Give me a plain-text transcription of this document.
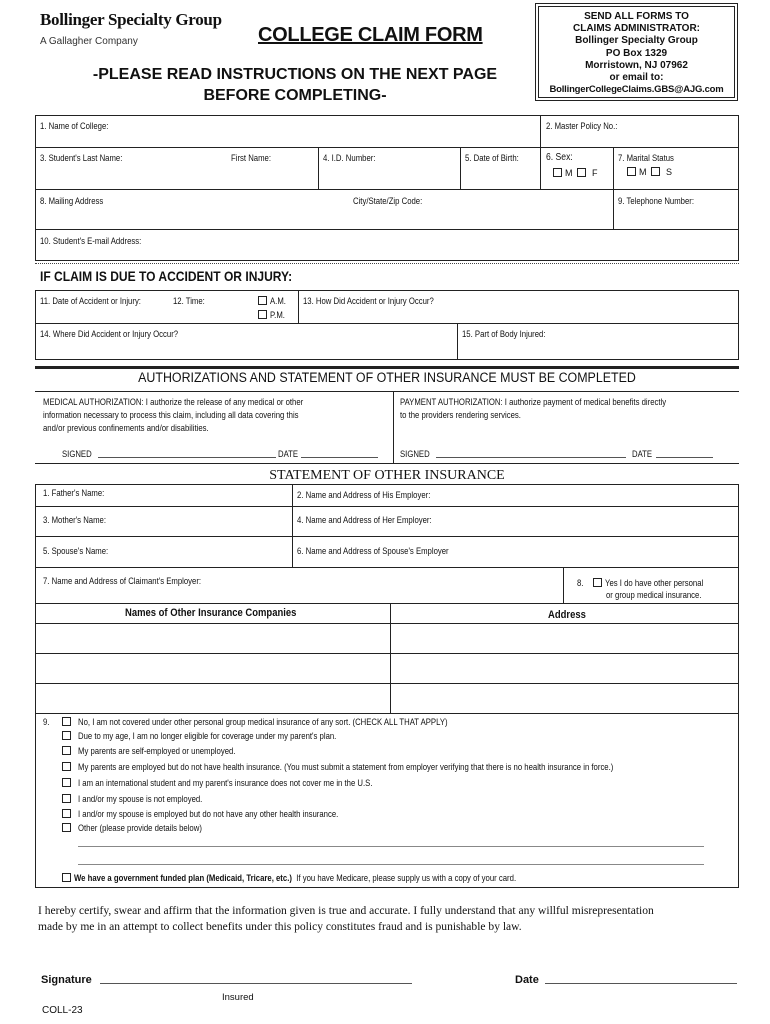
Bollinger Specialty Group
A Gallagher Company	COLLEGE CLAIM FORM
-PLEASE READ INSTRUCTIONS ON THE NEXT PAGE
BEFORE COMPLETING-
SEND ALL FORMS TO
CLAIMS ADMINISTRATOR:
Bollinger Specialty Group
PO Box 1329
Morristown, NJ 07962
or email to:
BollingerCollegeClaims.GBS@AJG.com
1. Name of College:	2. Master Policy No.:
3. Student's Last Name:	First Name:	4. I.D. Number:	5. Date of Birth:	6. Sex:
M F
7. Marital Status
M S
8. Mailing Address	City/State/Zip Code:	9. Telephone Number:
10. Student's E-mail Address:
IF CLAIM IS DUE TO ACCIDENT OR INJURY:
11. Date of Accident or Injury:	12. Time:	A.M.
P.M.
13. How Did Accident or Injury Occur?
14. Where Did Accident or Injury Occur?	15. Part of Body Injured:
AUTHORIZATIONS AND STATEMENT OF OTHER INSURANCE MUST BE COMPLETED
MEDICAL AUTHORIZATION: I authorize the release of any medical or other
information necessary to process this claim, including all data covering this
and/or previous confinements and/or disabilities.
PAYMENT AUTHORIZATION: I authorize payment of medical benefits directly
to the providers rendering services.
SIGNED	DATE	SIGNED	DATE
STATEMENT OF OTHER INSURANCE
1. Father's Name:	2. Name and Address of His Employer:
3. Mother's Name:	4. Name and Address of Her Employer:
5. Spouse's Name:	6. Name and Address of Spouse's Employer
7. Name and Address of Claimant's Employer:	8.	Yes I do have other personal
or group medical insurance.
Names of Other Insurance Companies	Address
9.	No, I am not covered under other personal group medical insurance of any sort. (CHECK ALL THAT APPLY)
Due to my age, I am no longer eligible for coverage under my parent's plan.
My parents are self-employed or unemployed.
My parents are employed but do not have health insurance. (You must submit a statement from employer verifying that there is no health insurance in force.)
I am an international student and my parent's insurance does not cover me in the U.S.
I and/or my spouse is not employed.
I and/or my spouse is employed but do not have any other health insurance.
Other (please provide details below)
We have a government funded plan (Medicaid, Tricare, etc.) If you have Medicare, please supply us with a copy of your card.
I hereby certify, swear and affirm that the information given is true and accurate. I fully understand that any willful misrepresentation
made by me in an attempt to collect benefits under this policy constitutes fraud and is punishable by law.
Signature
Insured
Date
COLL-23
